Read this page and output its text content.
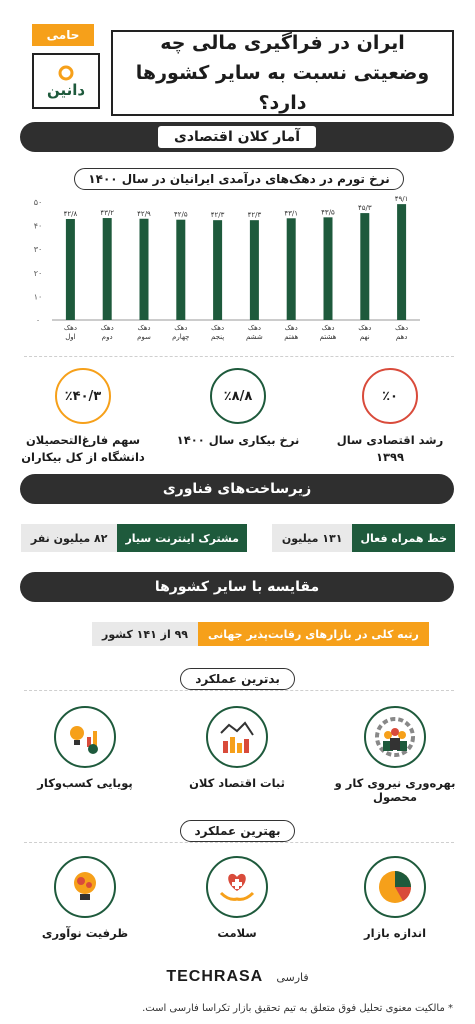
ایران در فراگیری مالی چه وضعیتی نسبت به سایر کشورها دارد؟
حامی
دانین
آمار کلان اقتصادی
نرخ تورم در دهک‌های درآمدی ایرانیان در سال ۱۴۰۰
۰
۱۰
۲۰
۳۰
۴۰
۵۰
۴۲/۸
دهک
اول
۴۳/۲
دهک
دوم
۴۲/۹
دهک
سوم
۴۲/۵
دهک
چهارم
۴۲/۳
دهک
پنجم
۴۲/۳
دهک
ششم
۴۳/۱
دهک
هفتم
۴۳/۵
دهک
هشتم
۴۵/۳
دهک
نهم
۴۹/۱
دهک
دهم
٪۰
رشد اقتصادی سال ۱۳۹۹
٪۸/۸
نرخ بیکاری سال ۱۴۰۰
٪۴۰/۳
سهم فارغ‌التحصیلان دانشگاه از کل بیکاران
زیرساخت‌های فناوری
خط همراه فعال
۱۳۱ میلیون
مشترک اینترنت سیار
۸۲ میلیون نفر
مقایسه با سایر کشورها
رتبه کلی در بازارهای رقابت‌پذیر جهانی
۹۹ از ۱۴۱ کشور
بدترین عملکرد
بهره‌وری نیروی کار و محصول
ثبات اقتصاد کلان
پویایی کسب‌وکار
بهترین عملکرد
اندازه بازار
سلامت
ظرفیت نوآوری
TECHRASA فارسی
* مالکیت معنوی تحلیل فوق متعلق به تیم تحقیق بازار تکراسا فارسی است.
